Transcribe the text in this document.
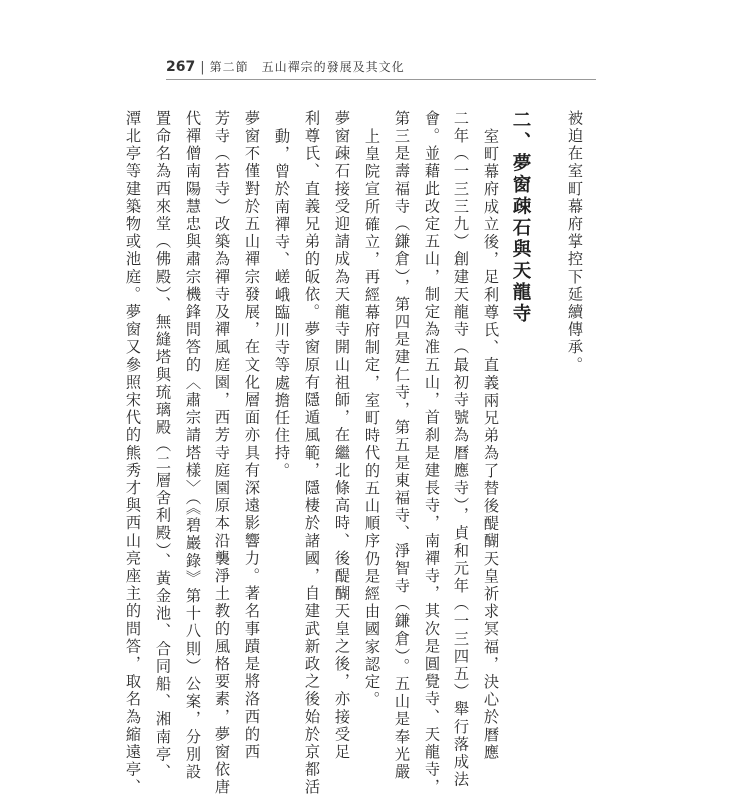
267 | 第二節　五山禪宗的發展及其文化
被迫在室町幕府掌控下延續傳承。
二、夢窗疎石與天龍寺
室町幕府成立後，足利尊氏、直義兩兄弟為了替後醍醐天皇祈求冥福，決心於曆應
二年（一三三九）創建天龍寺（最初寺號為曆應寺），貞和元年（一三四五）舉行落成法
會。並藉此改定五山，制定為准五山，首刹是建長寺，南禪寺，其次是圓覺寺、天龍寺，
第三是壽福寺（鎌倉），第四是建仁寺，第五是東福寺、淨智寺（鎌倉）。五山是奉光嚴
上皇院宣所確立，再經幕府制定，室町時代的五山順序仍是經由國家認定。
夢窗疎石接受迎請成為天龍寺開山祖師，在繼北條高時、後醍醐天皇之後，亦接受足
利尊氏、直義兄弟的皈依。夢窗原有隱遁風範，隱棲於諸國，自建武新政之後始於京都活
動，曾於南禪寺、嵯峨臨川寺等處擔任住持。
夢窗不僅對於五山禪宗發展，在文化層面亦具有深遠影響力。著名事蹟是將洛西的西
芳寺（苔寺）改築為禪寺及禪風庭園，西芳寺庭園原本沿襲淨土教的風格要素，夢窗依唐
代禪僧南陽慧忠與肅宗機鋒問答的〈肅宗請塔樣〉（《碧巖錄》第十八則）公案，分別設
置命名為西來堂（佛殿）、無縫塔與琉璃殿（二層舍利殿）、黃金池、合同船、湘南亭、
潭北亭等建築物或池庭。夢窗又參照宋代的熊秀才與西山亮座主的問答，取名為縮遠亭、
